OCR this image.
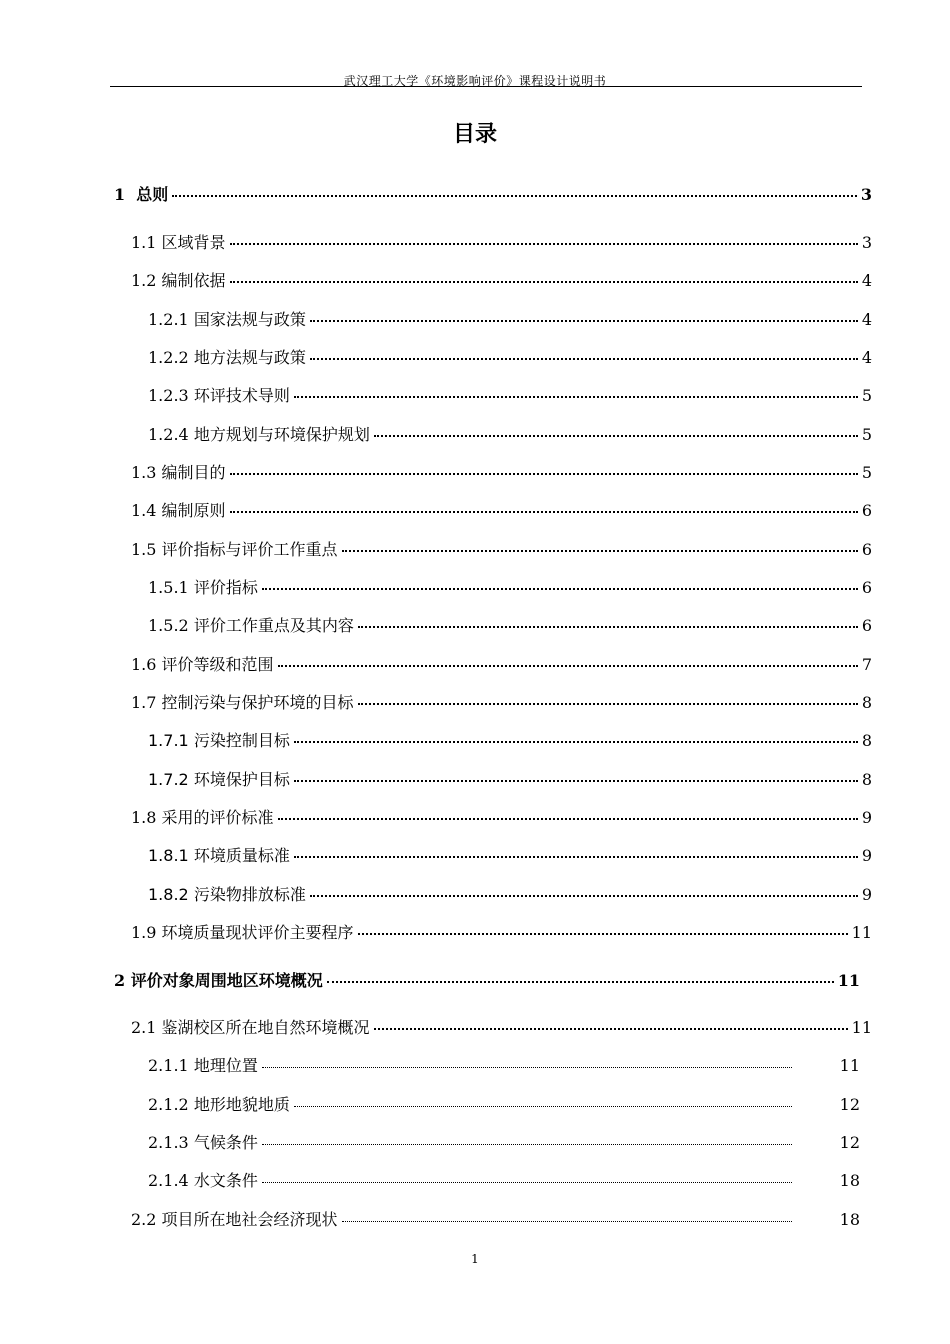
武汉理工大学《环境影响评价》课程设计说明书
目录
1 总则	3
1.1 区域背景	3
1.2 编制依据	4
1.2.1 国家法规与政策	4
1.2.2 地方法规与政策	4
1.2.3 环评技术导则	5
1.2.4 地方规划与环境保护规划	5
1.3 编制目的	5
1.4 编制原则	6
1.5 评价指标与评价工作重点	6
1.5.1 评价指标	6
1.5.2 评价工作重点及其内容	6
1.6 评价等级和范围	7
1.7 控制污染与保护环境的目标	8
1.7.1 污染控制目标	8
1.7.2 环境保护目标	8
1.8 采用的评价标准	9
1.8.1 环境质量标准	9
1.8.2 污染物排放标准	9
1.9 环境质量现状评价主要程序	11
2 评价对象周围地区环境概况	11
2.1 鉴湖校区所在地自然环境概况	11
2.1.1 地理位置	11
2.1.2 地形地貌地质	12
2.1.3 气候条件	12
2.1.4 水文条件	18
2.2 项目所在地社会经济现状	18
1
